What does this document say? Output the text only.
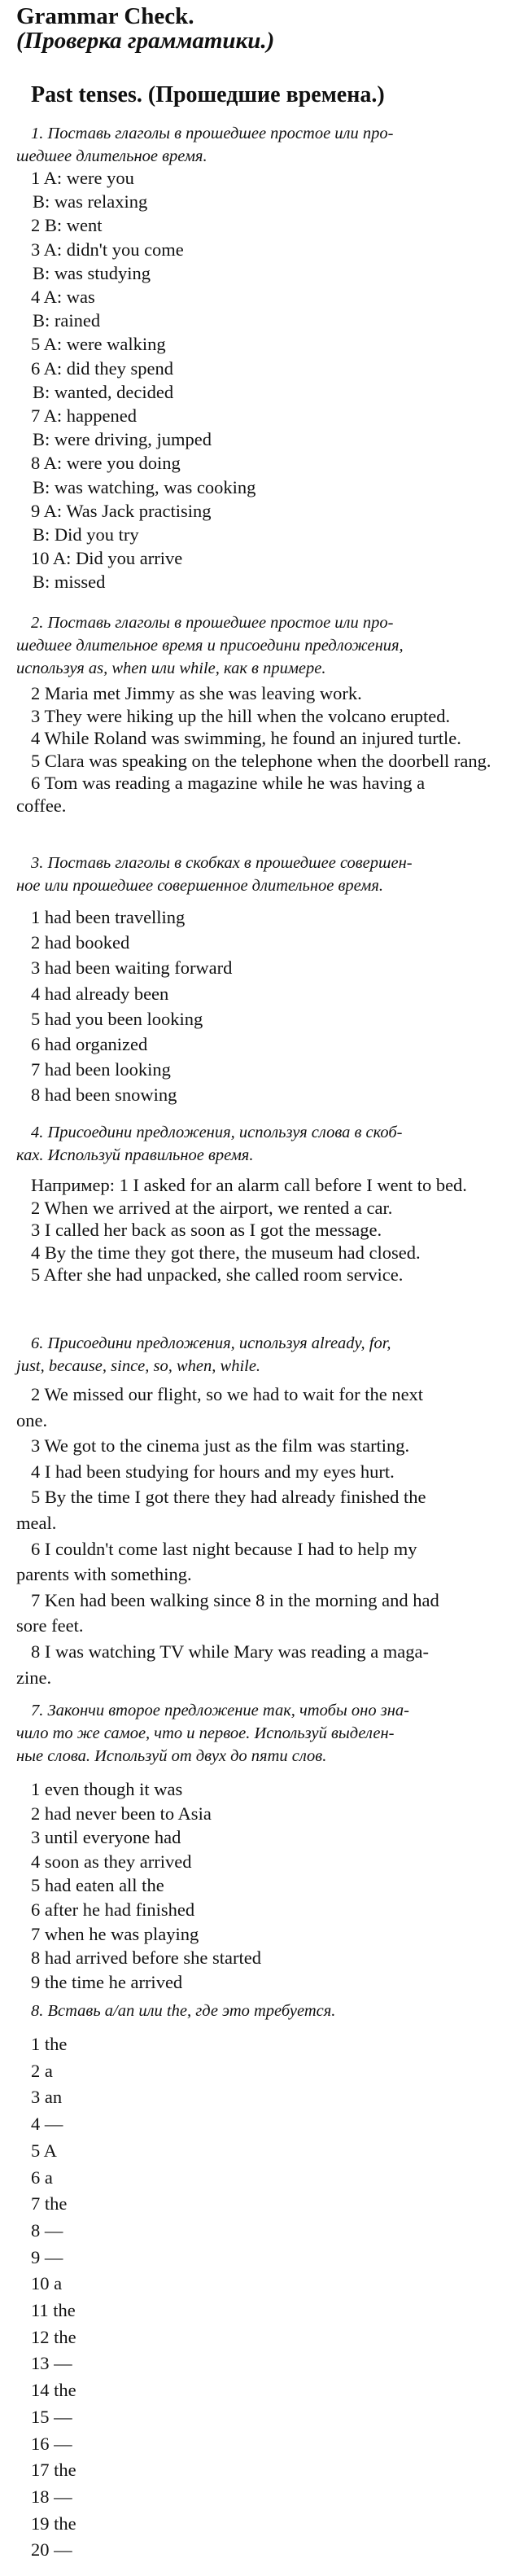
Grammar Check.
(Проверка грамматики.)
Past tenses. (Прошедшие времена.)
1. Поставь глаголы в прошедшее простое или про-
шедшее длительное время.
1 A: were you
B: was relaxing
2 B: went
3 A: didn't you come
B: was studying
4 A: was
B: rained
5 A: were walking
6 A: did they spend
B: wanted, decided
7 A: happened
B: were driving, jumped
8 A: were you doing
B: was watching, was cooking
9 A: Was Jack practising
B: Did you try
10 A: Did you arrive
B: missed
2. Поставь глаголы в прошедшее простое или про-
шедшее длительное время и присоедини предложения,
используя as, when или while, как в примере.
2 Maria met Jimmy as she was leaving work.
3 They were hiking up the hill when the volcano erupted.
4 While Roland was swimming, he found an injured turtle.
5 Clara was speaking on the telephone when the doorbell rang.
6 Tom was reading a magazine while he was having a
coffee.
3. Поставь глаголы в скобках в прошедшее совершен-
ное или прошедшее совершенное длительное время.
1 had been travelling
2 had booked
3 had been waiting forward
4 had already been
5 had you been looking
6 had organized
7 had been looking
8 had been snowing
4. Присоедини предложения, используя слова в скоб-
ках. Используй правильное время.
Например: 1 I asked for an alarm call before I went to bed.
2 When we arrived at the airport, we rented a car.
3 I called her back as soon as I got the message.
4 By the time they got there, the museum had closed.
5 After she had unpacked, she called room service.
6. Присоедини предложения, используя already, for,
just, because, since, so, when, while.
2 We missed our flight, so we had to wait for the next
one.
3 We got to the cinema just as the film was starting.
4 I had been studying for hours and my eyes hurt.
5 By the time I got there they had already finished the
meal.
6 I couldn't come last night because I had to help my
parents with something.
7 Ken had been walking since 8 in the morning and had
sore feet.
8 I was watching TV while Mary was reading a maga-
zine.
7. Закончи второе предложение так, чтобы оно зна-
чило то же самое, что и первое. Используй выделен-
ные слова. Используй от двух до пяти слов.
1 even though it was
2 had never been to Asia
3 until everyone had
4 soon as they arrived
5 had eaten all the
6 after he had finished
7 when he was playing
8 had arrived before she started
9 the time he arrived
8. Вставь a/an или the, где это требуется.
1 the
2 a
3 an
4 —
5 A
6 a
7 the
8 —
9 —
10 a
11 the
12 the
13 —
14 the
15 —
16 —
17 the
18 —
19 the
20 —
